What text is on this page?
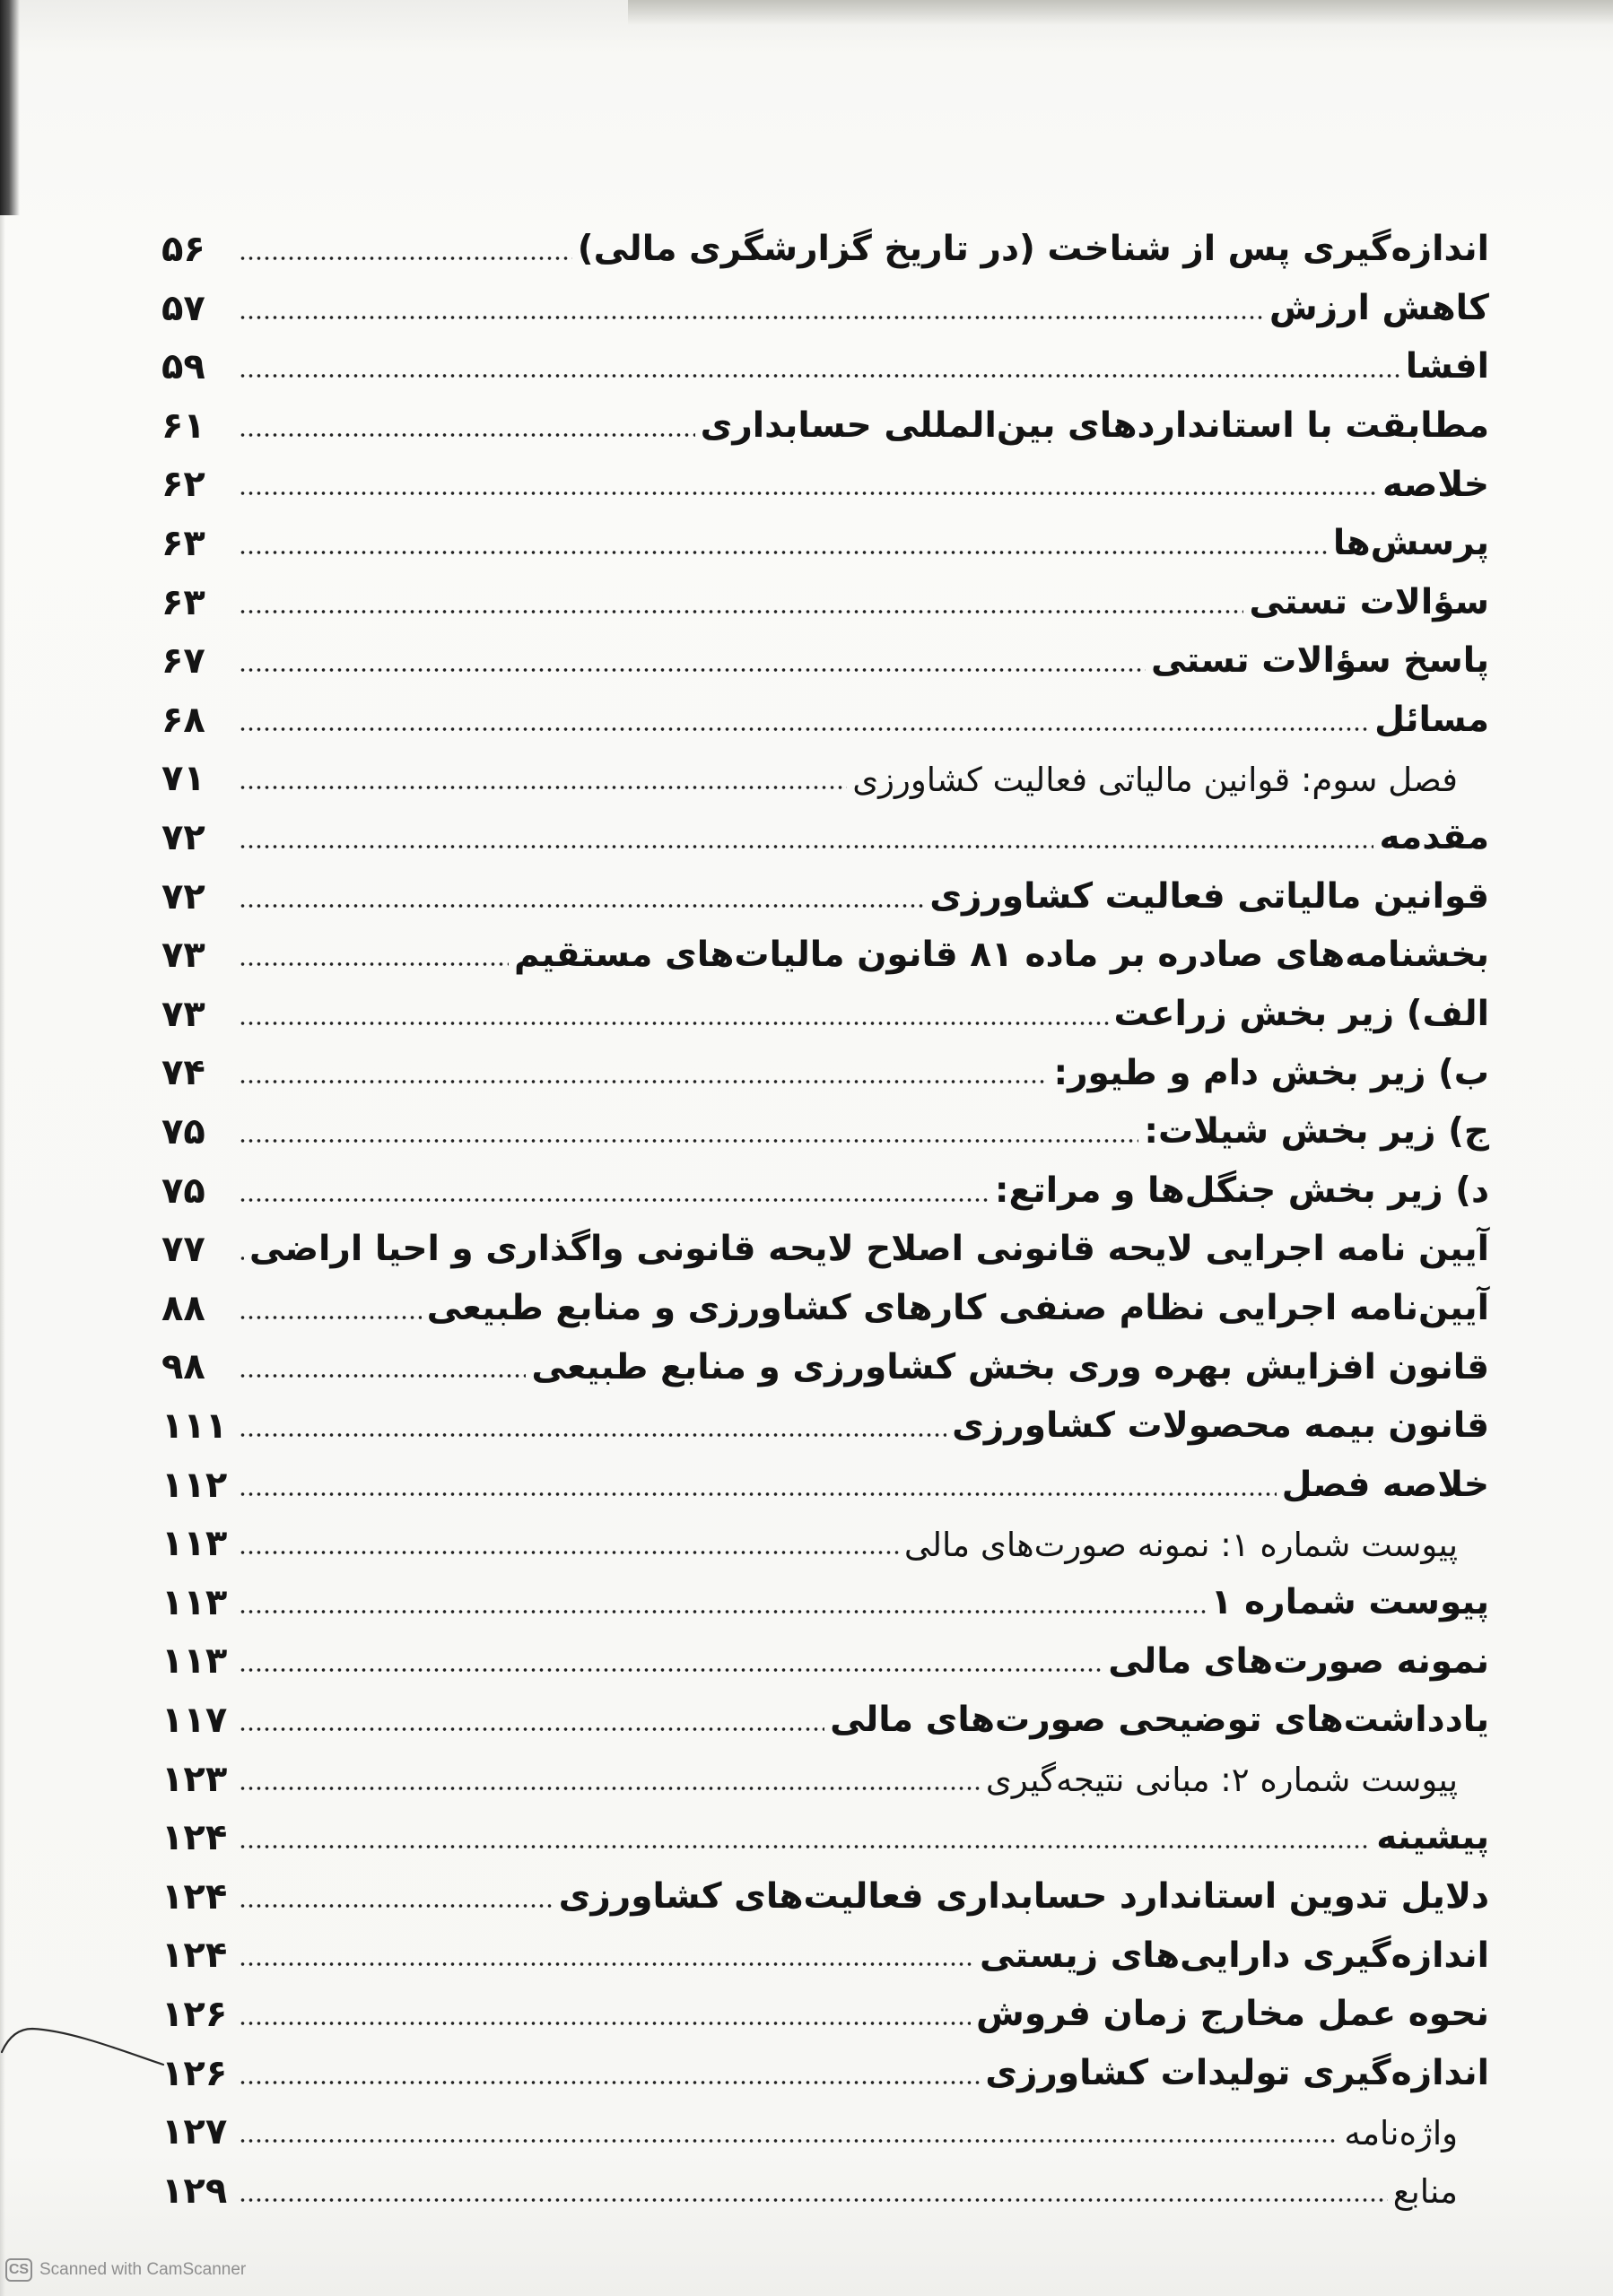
اندازه‌گیری پس از شناخت (در تاریخ گزارشگری مالی)
۵۶
کاهش ارزش
۵۷
افشا
۵۹
مطابقت با استانداردهای بین‌المللی حسابداری
۶۱
خلاصه
۶۲
پرسش‌ها
۶۳
سؤالات تستی
۶۳
پاسخ سؤالات تستی
۶۷
مسائل
۶۸
فصل سوم: قوانین مالیاتی فعالیت کشاورزی
۷۱
مقدمه
۷۲
قوانین مالیاتی فعالیت کشاورزی
۷۲
بخشنامه‌های صادره بر ماده ۸۱ قانون مالیات‌های مستقیم
۷۳
الف) زیر بخش زراعت
۷۳
ب) زیر بخش دام و طیور:
۷۴
ج) زیر بخش شیلات:
۷۵
د) زیر بخش جنگل‌ها و مراتع:
۷۵
آیین نامه اجرایی لایحه قانونی اصلاح لایحه قانونی واگذاری و احیا اراضی
۷۷
آیین‌نامه اجرایی نظام صنفی کارهای کشاورزی و منابع طبیعی
۸۸
قانون افزایش بهره وری بخش کشاورزی و منابع طبیعی
۹۸
قانون بیمه محصولات کشاورزی
۱۱۱
خلاصه فصل
۱۱۲
پیوست شماره ۱: نمونه صورت‌های مالی
۱۱۳
پیوست شماره ۱
۱۱۳
نمونه صورت‌های مالی
۱۱۳
یادداشت‌های توضیحی صورت‌های مالی
۱۱۷
پیوست شماره ۲: مبانی نتیجه‌گیری
۱۲۳
پیشینه
۱۲۴
دلایل تدوین استاندارد حسابداری فعالیت‌های کشاورزی
۱۲۴
اندازه‌گیری دارایی‌های زیستی
۱۲۴
نحوه عمل مخارج زمان فروش
۱۲۶
اندازه‌گیری تولیدات کشاورزی
۱۲۶
واژه‌نامه
۱۲۷
منابع
۱۲۹
CS Scanned with CamScanner
